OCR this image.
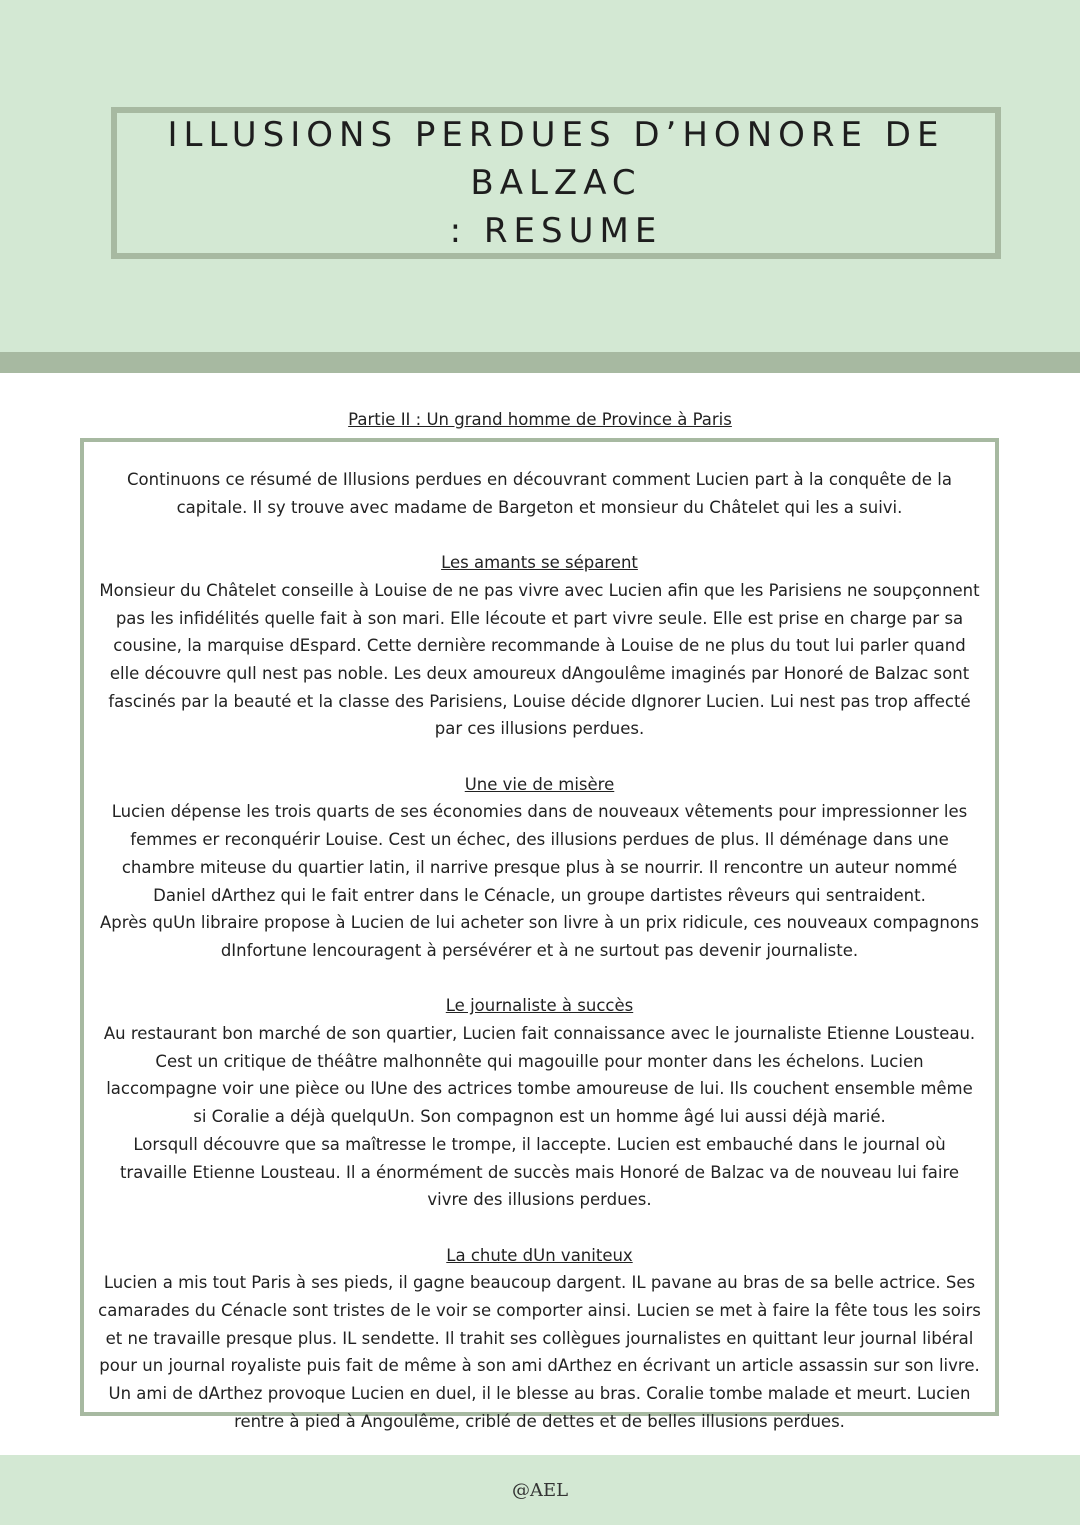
ILLUSIONS PERDUES D’HONORE DE BALZAC
: RESUME
Partie II : Un grand homme de Province à Paris

Continuons ce résumé de Illusions perdues en découvrant comment Lucien part à la conquête de la capitale. Il sy trouve avec madame de Bargeton et monsieur du Châtelet qui les a suivi.

Les amants se séparent

Monsieur du Châtelet conseille à Louise de ne pas vivre avec Lucien afin que les Parisiens ne soupçonnent pas les infidélités quelle fait à son mari. Elle lécoute et part vivre seule. Elle est prise en charge par sa cousine, la marquise dEspard. Cette dernière recommande à Louise de ne plus du tout lui parler quand elle découvre quIl nest pas noble. Les deux amoureux dAngoulême imaginés par Honoré de Balzac sont fascinés par la beauté et la classe des Parisiens, Louise décide dIgnorer Lucien. Lui nest pas trop affecté par ces illusions perdues.

Une vie de misère

Lucien dépense les trois quarts de ses économies dans de nouveaux vêtements pour impressionner les femmes er reconquérir Louise. Cest un échec, des illusions perdues de plus. Il déménage dans une chambre miteuse du quartier latin, il narrive presque plus à se nourrir. Il rencontre un auteur nommé Daniel dArthez qui le fait entrer dans le Cénacle, un groupe dartistes rêveurs qui sentraident.

Après quUn libraire propose à Lucien de lui acheter son livre à un prix ridicule, ces nouveaux compagnons dInfortune lencouragent à persévérer et à ne surtout pas devenir journaliste.

Le journaliste à succès

Au restaurant bon marché de son quartier, Lucien fait connaissance avec le journaliste Etienne Lousteau. Cest un critique de théâtre malhonnête qui magouille pour monter dans les échelons. Lucien laccompagne voir une pièce ou lUne des actrices tombe amoureuse de lui. Ils couchent ensemble même si Coralie a déjà quelquUn. Son compagnon est un homme âgé lui aussi déjà marié.

Lorsqull découvre que sa maîtresse le trompe, il laccepte. Lucien est embauché dans le journal où travaille Etienne Lousteau. Il a énormément de succès mais Honoré de Balzac va de nouveau lui faire vivre des illusions perdues.

La chute dUn vaniteux

Lucien a mis tout Paris à ses pieds, il gagne beaucoup dargent. IL pavane au bras de sa belle actrice. Ses camarades du Cénacle sont tristes de le voir se comporter ainsi. Lucien se met à faire la fête tous les soirs et ne travaille presque plus. IL sendette. Il trahit ses collègues journalistes en quittant leur journal libéral pour un journal royaliste puis fait de même à son ami dArthez en écrivant un article assassin sur son livre. Un ami de dArthez provoque Lucien en duel, il le blesse au bras. Coralie tombe malade et meurt. Lucien rentre à pied à Angoulême, criblé de dettes et de belles illusions perdues.

@AEL
